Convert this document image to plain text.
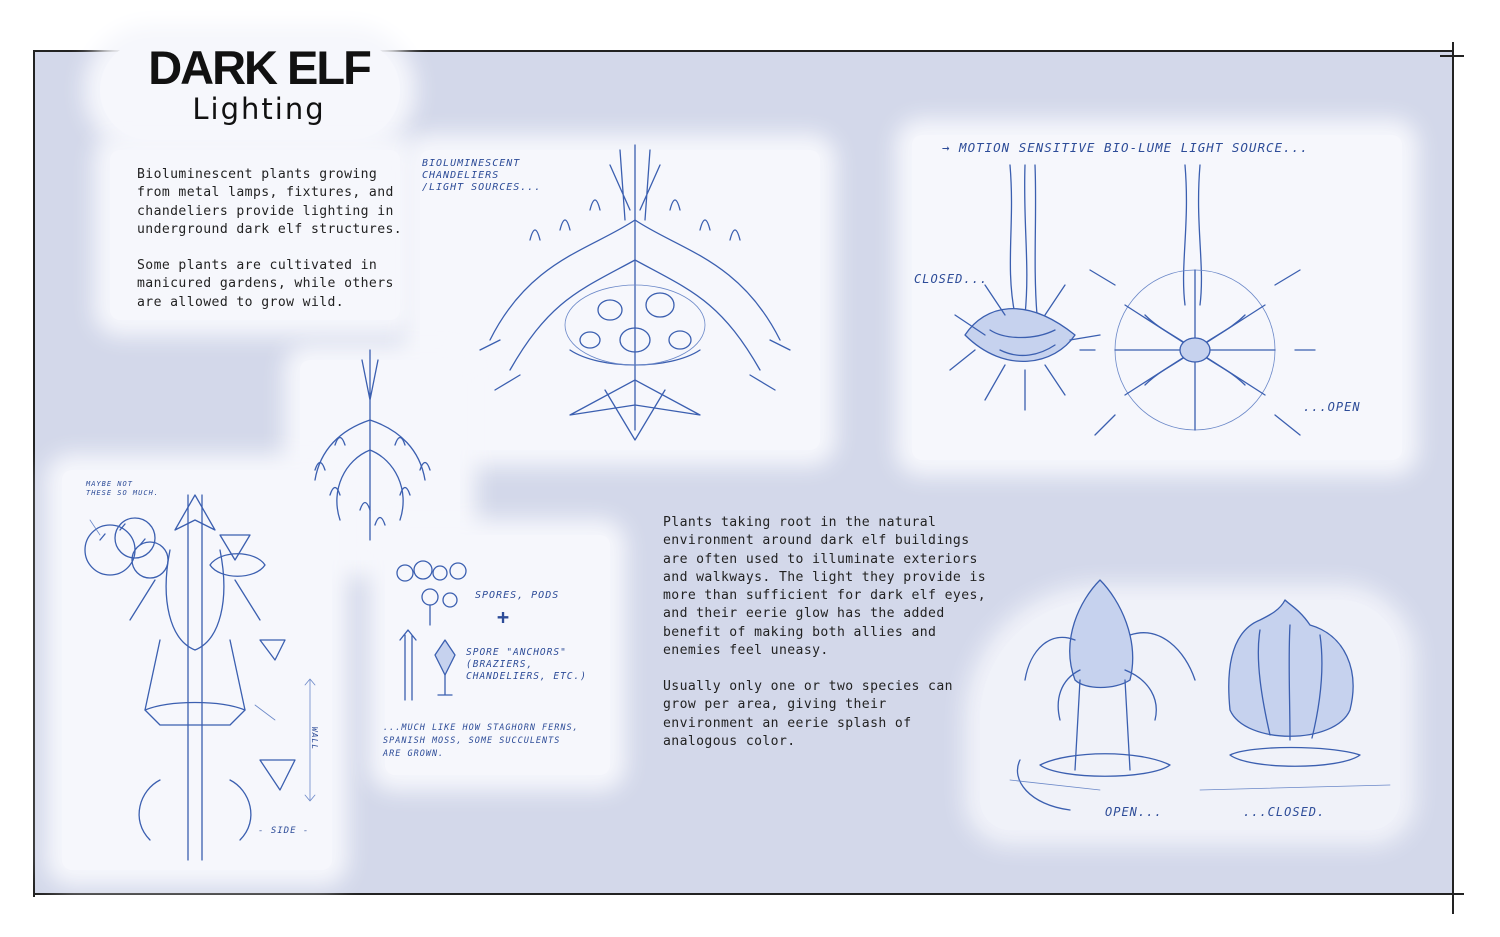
DARK ELF
Lighting
Bioluminescent plants growing
from metal lamps, fixtures, and
chandeliers provide lighting in
underground dark elf structures.
Some plants are cultivated in
manicured gardens, while others
are allowed to grow wild.
Plants taking root in the natural
environment around dark elf buildings
are often used to illuminate exteriors
and walkways. The light they provide is
more than sufficient for dark elf eyes,
and their eerie glow has the added
benefit of making both allies and
enemies feel uneasy.
Usually only one or two species can
grow per area, giving their
environment an eerie splash of
analogous color.
BIOLUMINESCENT
CHANDELIERS
/LIGHT SOURCES...
→ MOTION SENSITIVE BIO-LUME LIGHT SOURCE...
CLOSED...
...OPEN
MAYBE NOT
THESE SO MUCH.
WALL
- SIDE -
SPORES, PODS
+
SPORE "ANCHORS"
(BRAZIERS,
CHANDELIERS, ETC.)
...MUCH LIKE HOW STAGHORN FERNS,
SPANISH MOSS, SOME SUCCULENTS
ARE GROWN.
OPEN...	...CLOSED.
